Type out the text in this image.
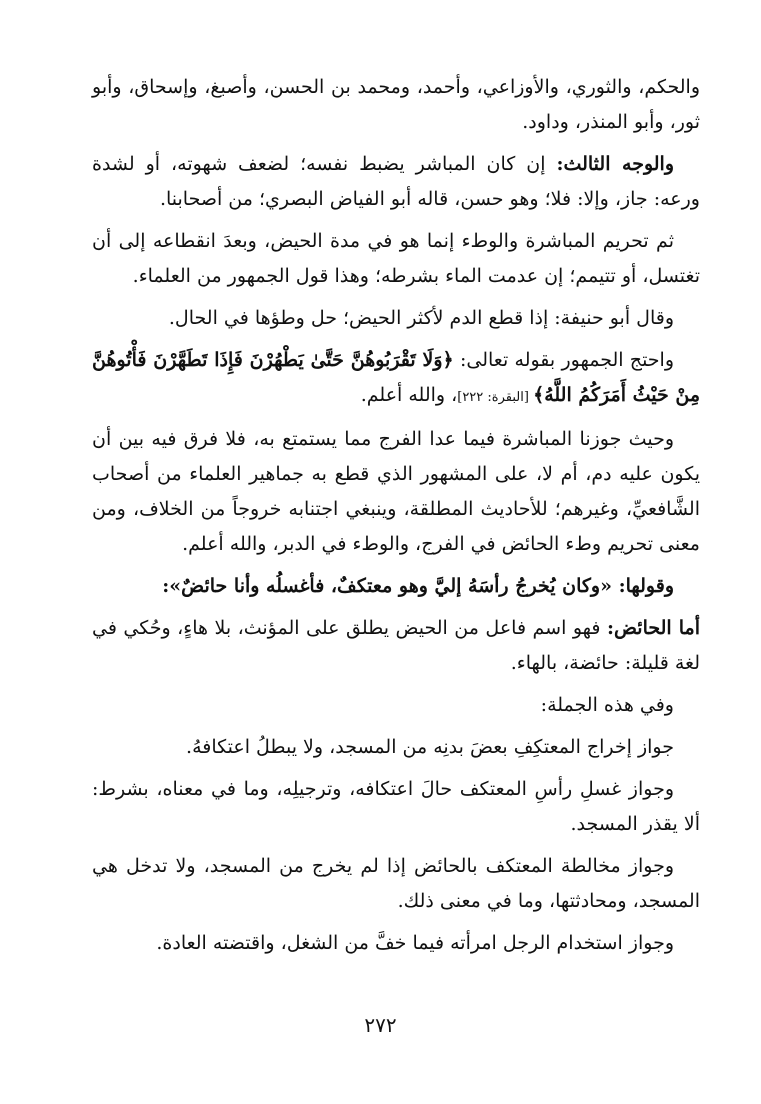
والحكم، والثوري، والأوزاعي، وأحمد، ومحمد بن الحسن، وأصبغ، وإسحاق، وأبو ثور، وأبو المنذر، وداود.

والوجه الثالث: إن كان المباشر يضبط نفسه؛ لضعف شهوته، أو لشدة ورعه: جاز، وإلا: فلا؛ وهو حسن، قاله أبو الفياض البصري؛ من أصحابنا.

ثم تحريم المباشرة والوطء إنما هو في مدة الحيض، وبعدَ انقطاعه إلى أن تغتسل، أو تتيمم؛ إن عدمت الماء بشرطه؛ وهذا قول الجمهور من العلماء.

وقال أبو حنيفة: إذا قطع الدم لأكثر الحيض؛ حل وطؤها في الحال.

واحتج الجمهور بقوله تعالى: ﴿وَلَا تَقْرَبُوهُنَّ حَتَّىٰ يَطْهُرْنَ فَإِذَا تَطَهَّرْنَ فَأْتُوهُنَّ مِنْ حَيْثُ أَمَرَكُمُ اللَّهُ﴾ [البقرة: ٢٢٢]، والله أعلم.

وحيث جوزنا المباشرة فيما عدا الفرج مما يستمتع به، فلا فرق فيه بين أن يكون عليه دم، أم لا، على المشهور الذي قطع به جماهير العلماء من أصحاب الشَّافعيِّ، وغيرهم؛ للأحاديث المطلقة، وينبغي اجتنابه خروجاً من الخلاف، ومن معنى تحريم وطء الحائض في الفرج، والوطء في الدبر، والله أعلم.

وقولها: «وكان يُخرجُ رأسَهُ إليَّ وهو معتكفٌ، فأغسلُه وأنا حائضٌ»:

أما الحائض: فهو اسم فاعل من الحيض يطلق على المؤنث، بلا هاءٍ، وحُكي في لغة قليلة: حائضة، بالهاء.

وفي هذه الجملة:

جواز إخراج المعتكِفِ بعضَ بدنِه من المسجد، ولا يبطلُ اعتكافهُ.

وجواز غسلِ رأسِ المعتكف حالَ اعتكافه، وترجيلِه، وما في معناه، بشرط: ألا يقذر المسجد.

وجواز مخالطة المعتكف بالحائض إذا لم يخرج من المسجد، ولا تدخل هي المسجد، ومحادثتها، وما في معنى ذلك.

وجواز استخدام الرجل امرأته فيما خفَّ من الشغل، واقتضته العادة.

٢٧٢
